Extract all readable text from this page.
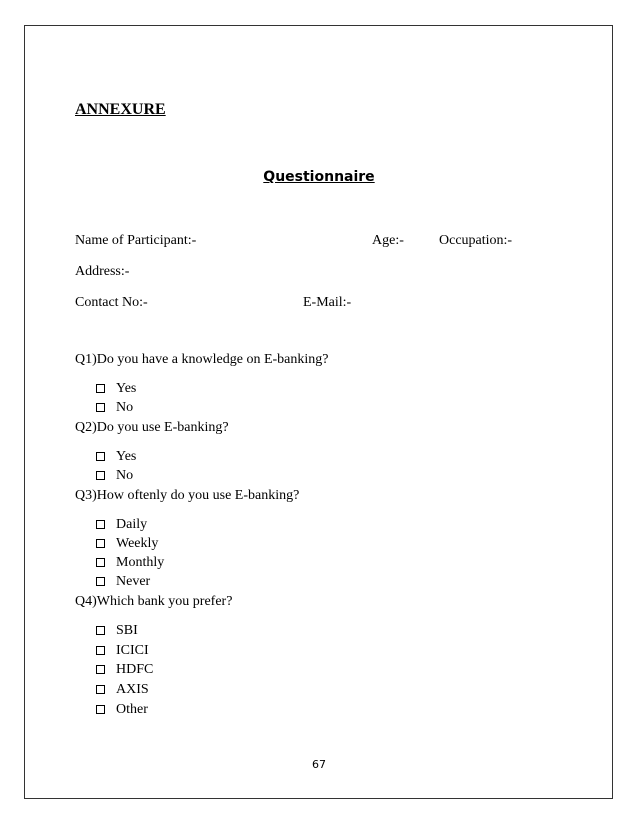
ANNEXURE
Questionnaire
Name of Participant:-	Age:-	Occupation:-
Address:-
Contact No:-	E-Mail:-
Q1)Do you have a knowledge on E-banking?
Yes
No
Q2)Do you use E-banking?
Yes
No
Q3)How oftenly do you use E-banking?
Daily
Weekly
Monthly
Never
Q4)Which bank you prefer?
SBI
ICICI
HDFC
AXIS
Other
67
